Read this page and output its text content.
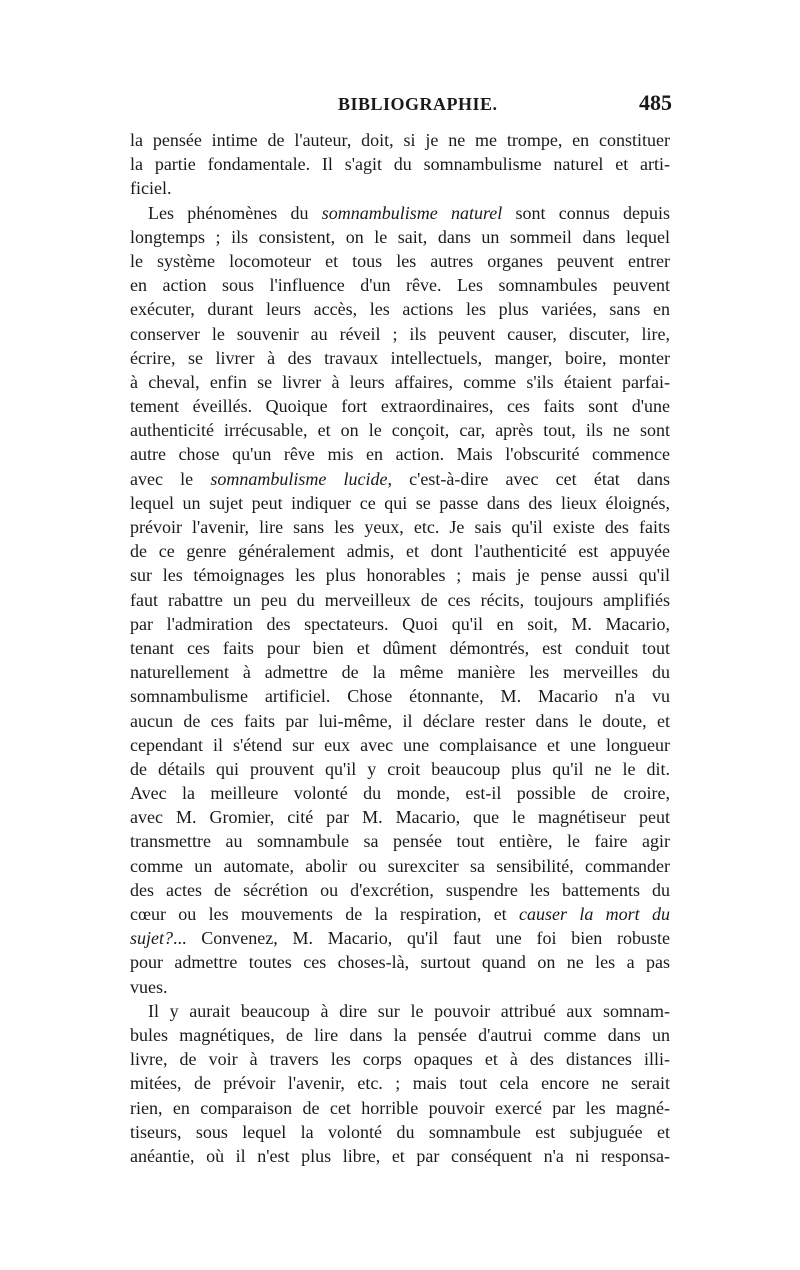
BIBLIOGRAPHIE.	485
la pensée intime de l'auteur, doit, si je ne me trompe, en constituer
la partie fondamentale. Il s'agit du somnambulisme naturel et arti-
ficiel.
Les phénomènes du somnambulisme naturel sont connus depuis
longtemps ; ils consistent, on le sait, dans un sommeil dans lequel
le système locomoteur et tous les autres organes peuvent entrer
en action sous l'influence d'un rêve. Les somnambules peuvent
exécuter, durant leurs accès, les actions les plus variées, sans en
conserver le souvenir au réveil ; ils peuvent causer, discuter, lire,
écrire, se livrer à des travaux intellectuels, manger, boire, monter
à cheval, enfin se livrer à leurs affaires, comme s'ils étaient parfai-
tement éveillés. Quoique fort extraordinaires, ces faits sont d'une
authenticité irrécusable, et on le conçoit, car, après tout, ils ne sont
autre chose qu'un rêve mis en action. Mais l'obscurité commence
avec le somnambulisme lucide, c'est-à-dire avec cet état dans
lequel un sujet peut indiquer ce qui se passe dans des lieux éloignés,
prévoir l'avenir, lire sans les yeux, etc. Je sais qu'il existe des faits
de ce genre généralement admis, et dont l'authenticité est appuyée
sur les témoignages les plus honorables ; mais je pense aussi qu'il
faut rabattre un peu du merveilleux de ces récits, toujours amplifiés
par l'admiration des spectateurs. Quoi qu'il en soit, M. Macario,
tenant ces faits pour bien et dûment démontrés, est conduit tout
naturellement à admettre de la même manière les merveilles du
somnambulisme artificiel. Chose étonnante, M. Macario n'a vu
aucun de ces faits par lui-même, il déclare rester dans le doute, et
cependant il s'étend sur eux avec une complaisance et une longueur
de détails qui prouvent qu'il y croit beaucoup plus qu'il ne le dit.
Avec la meilleure volonté du monde, est-il possible de croire,
avec M. Gromier, cité par M. Macario, que le magnétiseur peut
transmettre au somnambule sa pensée tout entière, le faire agir
comme un automate, abolir ou surexciter sa sensibilité, commander
des actes de sécrétion ou d'excrétion, suspendre les battements du
cœur ou les mouvements de la respiration, et causer la mort du
sujet?... Convenez, M. Macario, qu'il faut une foi bien robuste
pour admettre toutes ces choses-là, surtout quand on ne les a pas
vues.
Il y aurait beaucoup à dire sur le pouvoir attribué aux somnam-
bules magnétiques, de lire dans la pensée d'autrui comme dans un
livre, de voir à travers les corps opaques et à des distances illi-
mitées, de prévoir l'avenir, etc. ; mais tout cela encore ne serait
rien, en comparaison de cet horrible pouvoir exercé par les magné-
tiseurs, sous lequel la volonté du somnambule est subjuguée et
anéantie, où il n'est plus libre, et par conséquent n'a ni responsa-
